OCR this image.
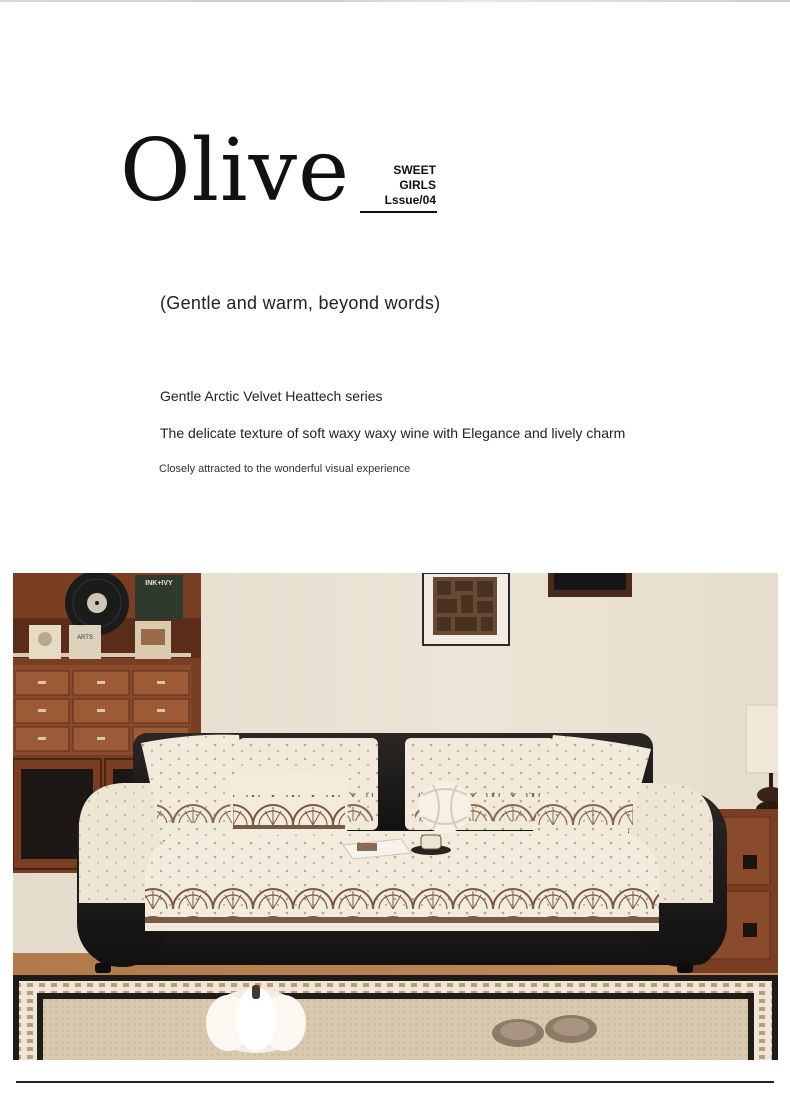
Olive	SWEET GIRLS
Lssue/04
(Gentle and warm, beyond words)
Gentle Arctic Velvet Heattech series
The delicate texture of soft waxy waxy wine with Elegance and lively charm
Closely attracted to the wonderful visual experience
INK+IVY
ARTS
